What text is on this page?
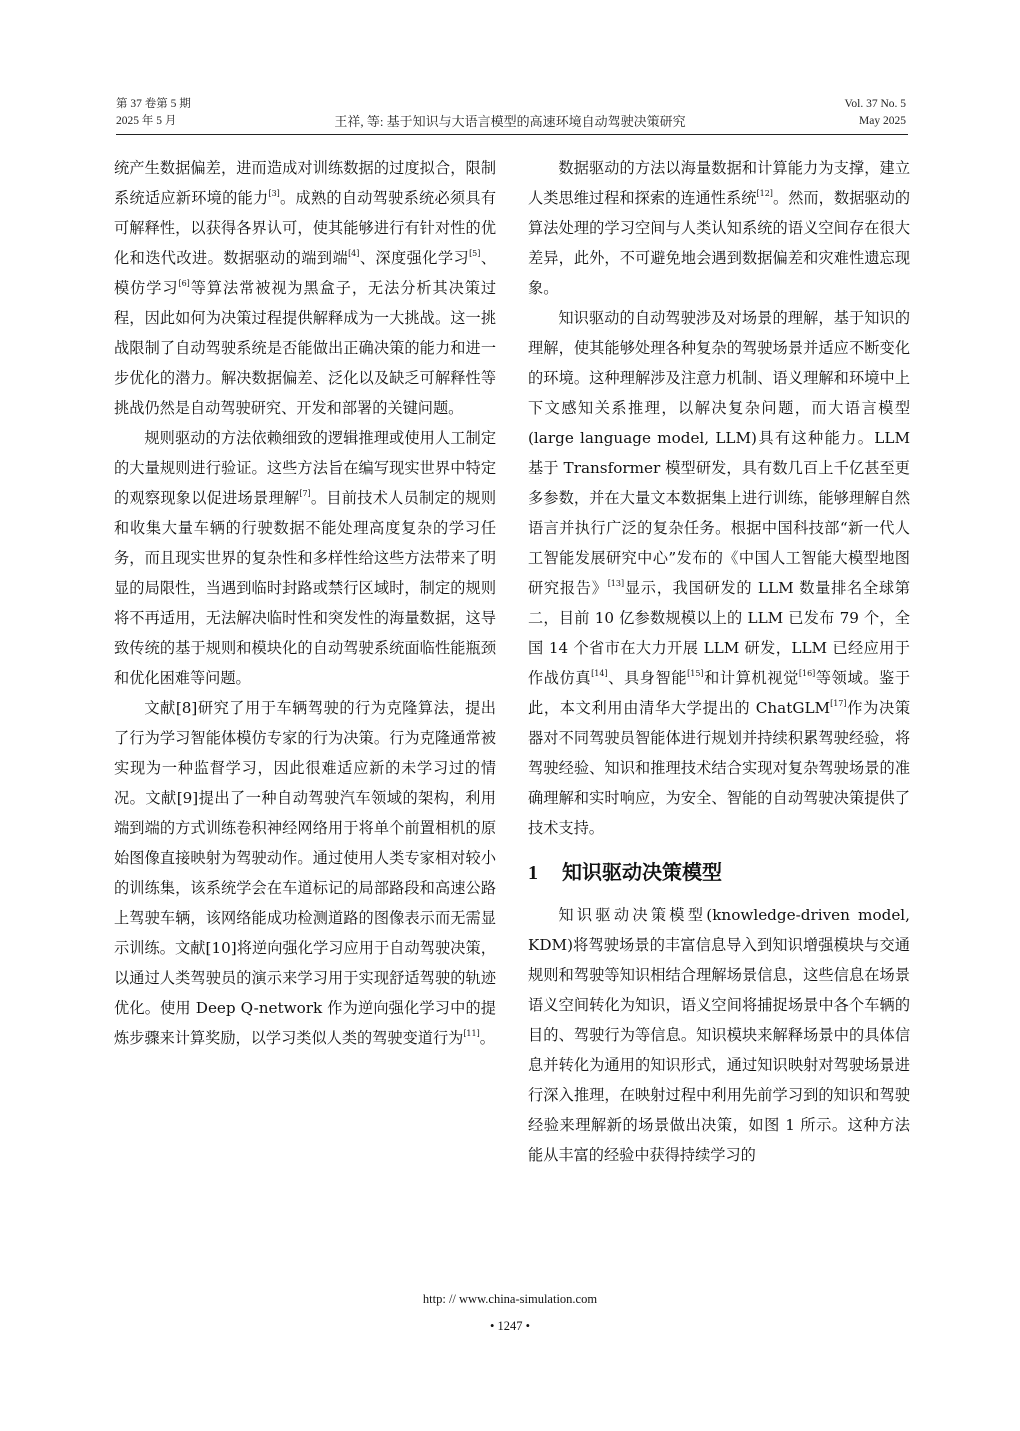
第 37 卷第 5 期
2025 年 5 月	王祥, 等: 基于知识与大语言模型的高速环境自动驾驶决策研究
Vol. 37 No. 5
May 2025

统产生数据偏差，进而造成对训练数据的过度拟合，限制系统适应新环境的能力[3]。成熟的自动驾驶系统必须具有可解释性，以获得各界认可，使其能够进行有针对性的优化和迭代改进。数据驱动的端到端[4]、深度强化学习[5]、模仿学习[6]等算法常被视为黑盒子，无法分析其决策过程，因此如何为决策过程提供解释成为一大挑战。这一挑战限制了自动驾驶系统是否能做出正确决策的能力和进一步优化的潜力。解决数据偏差、泛化以及缺乏可解释性等挑战仍然是自动驾驶研究、开发和部署的关键问题。

规则驱动的方法依赖细致的逻辑推理或使用人工制定的大量规则进行验证。这些方法旨在编写现实世界中特定的观察现象以促进场景理解[7]。目前技术人员制定的规则和收集大量车辆的行驶数据不能处理高度复杂的学习任务，而且现实世界的复杂性和多样性给这些方法带来了明显的局限性，当遇到临时封路或禁行区域时，制定的规则将不再适用，无法解决临时性和突发性的海量数据，这导致传统的基于规则和模块化的自动驾驶系统面临性能瓶颈和优化困难等问题。

文献[8]研究了用于车辆驾驶的行为克隆算法，提出了行为学习智能体模仿专家的行为决策。行为克隆通常被实现为一种监督学习，因此很难适应新的未学习过的情况。文献[9]提出了一种自动驾驶汽车领域的架构，利用端到端的方式训练卷积神经网络用于将单个前置相机的原始图像直接映射为驾驶动作。通过使用人类专家相对较小的训练集，该系统学会在车道标记的局部路段和高速公路上驾驶车辆，该网络能成功检测道路的图像表示而无需显示训练。文献[10]将逆向强化学习应用于自动驾驶决策，以通过人类驾驶员的演示来学习用于实现舒适驾驶的轨迹优化。使用 Deep Q-network 作为逆向强化学习中的提炼步骤来计算奖励，以学习类似人类的驾驶变道行为[11]。

数据驱动的方法以海量数据和计算能力为支撑，建立人类思维过程和探索的连通性系统[12]。然而，数据驱动的算法处理的学习空间与人类认知系统的语义空间存在很大差异，此外，不可避免地会遇到数据偏差和灾难性遗忘现象。

知识驱动的自动驾驶涉及对场景的理解，基于知识的理解，使其能够处理各种复杂的驾驶场景并适应不断变化的环境。这种理解涉及注意力机制、语义理解和环境中上下文感知关系推理，以解决复杂问题，而大语言模型(large language model, LLM)具有这种能力。LLM 基于 Transformer 模型研发，具有数几百上千亿甚至更多参数，并在大量文本数据集上进行训练，能够理解自然语言并执行广泛的复杂任务。根据中国科技部“新一代人工智能发展研究中心”发布的《中国人工智能大模型地图研究报告》[13]显示，我国研发的 LLM 数量排名全球第二，目前 10 亿参数规模以上的 LLM 已发布 79 个，全国 14 个省市在大力开展 LLM 研发，LLM 已经应用于作战仿真[14]、具身智能[15]和计算机视觉[16]等领域。鉴于此，本文利用由清华大学提出的 ChatGLM[17]作为决策器对不同驾驶员智能体进行规划并持续积累驾驶经验，将驾驶经验、知识和推理技术结合实现对复杂驾驶场景的准确理解和实时响应，为安全、智能的自动驾驶决策提供了技术支持。

1 知识驱动决策模型

知识驱动决策模型(knowledge-driven model, KDM)将驾驶场景的丰富信息导入到知识增强模块与交通规则和驾驶等知识相结合理解场景信息，这些信息在场景语义空间转化为知识，语义空间将捕捉场景中各个车辆的目的、驾驶行为等信息。知识模块来解释场景中的具体信息并转化为通用的知识形式，通过知识映射对驾驶场景进行深入推理，在映射过程中利用先前学习到的知识和驾驶经验来理解新的场景做出决策，如图 1 所示。这种方法能从丰富的经验中获得持续学习的

http: // www.china-simulation.com
• 1247 •
